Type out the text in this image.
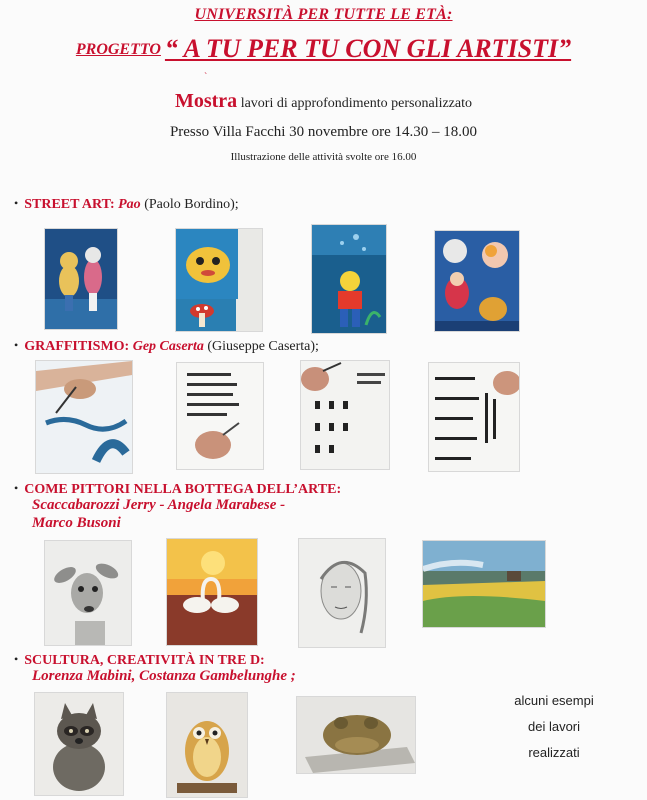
UNIVERSITÀ PER TUTTE LE ETÀ:
PROGETTO “ A TU PER TU CON GLI ARTISTI”
`
Mostra lavori di approfondimento personalizzato
Presso Villa Facchi 30 novembre ore 14.30 – 18.00
Illustrazione delle attività svolte ore 16.00
• STREET ART: Pao (Paolo Bordino);
• GRAFFITISMO: Gep Caserta (Giuseppe Caserta);
• COME PITTORI NELLA BOTTEGA DELL’ARTE:
Scaccabarozzi Jerry - Angela Marabese -
Marco Busoni
• SCULTURA, CREATIVITÀ IN TRE D:
Lorenza Mabini, Costanza Gambelunghe ;
alcuni esempi
dei lavori
realizzati
